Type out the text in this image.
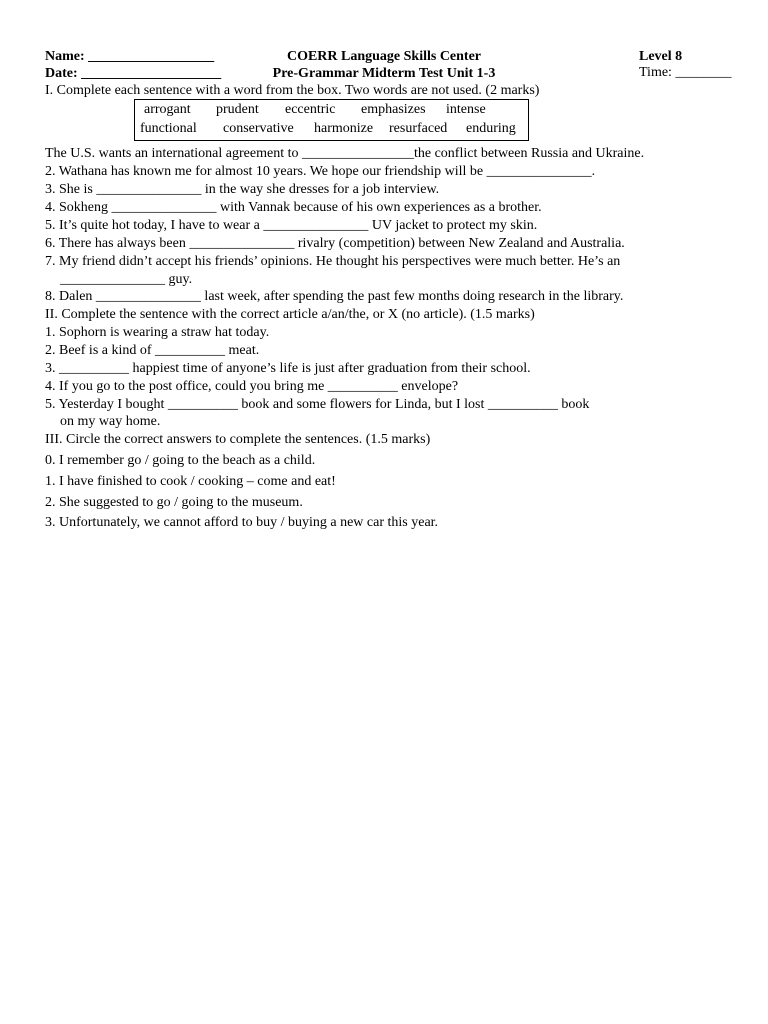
Name: __________________
Date: ____________________
COERR Language Skills Center
Pre-Grammar Midterm Test Unit 1-3
Level 8
Time: ________
I. Complete each sentence with a word from the box. Two words are not used. (2 marks)
arrogant prudent eccentric emphasizes intense
functional conservative harmonize resurfaced enduring
The U.S. wants an international agreement to ________________the conflict between Russia and Ukraine.
2. Wathana has known me for almost 10 years. We hope our friendship will be _______________.
3. She is _______________ in the way she dresses for a job interview.
4. Sokheng _______________ with Vannak because of his own experiences as a brother.
5. It’s quite hot today, I have to wear a _______________ UV jacket to protect my skin.
6. There has always been _______________ rivalry (competition) between New Zealand and Australia.
7. My friend didn’t accept his friends’ opinions. He thought his perspectives were much better. He’s an
_______________ guy.
8. Dalen _______________ last week, after spending the past few months doing research in the library.
II. Complete the sentence with the correct article a/an/the, or X (no article). (1.5 marks)
1. Sophorn is wearing a straw hat today.
2. Beef is a kind of __________ meat.
3. __________ happiest time of anyone’s life is just after graduation from their school.
4. If you go to the post office, could you bring me __________ envelope?
5. Yesterday I bought __________ book and some flowers for Linda, but I lost __________ book
on my way home.
III. Circle the correct answers to complete the sentences. (1.5 marks)
0. I remember go / going to the beach as a child.
1. I have finished to cook / cooking – come and eat!
2. She suggested to go / going to the museum.
3. Unfortunately, we cannot afford to buy / buying a new car this year.
